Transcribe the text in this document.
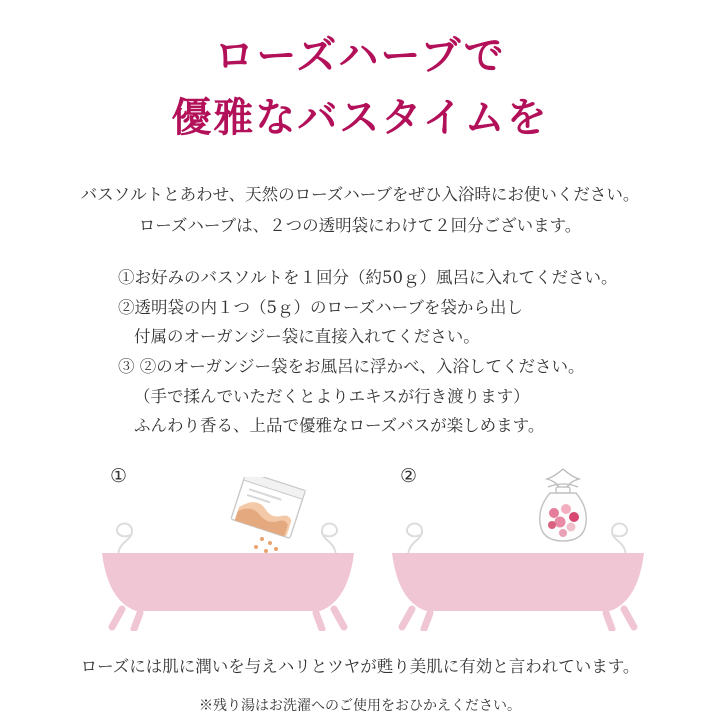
ローズハーブで
優雅なバスタイムを
バスソルトとあわせ、天然のローズハーブをぜひ入浴時にお使いください。
ローズハーブは、２つの透明袋にわけて２回分ございます。
①お好みのバスソルトを１回分（約50ｇ）風呂に入れてください。
②透明袋の内１つ（5ｇ）のローズハーブを袋から出し
付属のオーガンジー袋に直接入れてください。
③ ②のオーガンジー袋をお風呂に浮かべ、入浴してください。
（手で揉んでいただくとよりエキスが行き渡ります）
ふんわり香る、上品で優雅なローズバスが楽しめます。
①	②
ローズには肌に潤いを与えハリとツヤが甦り美肌に有効と言われています。
※残り湯はお洗濯へのご使用をおひかえください。
